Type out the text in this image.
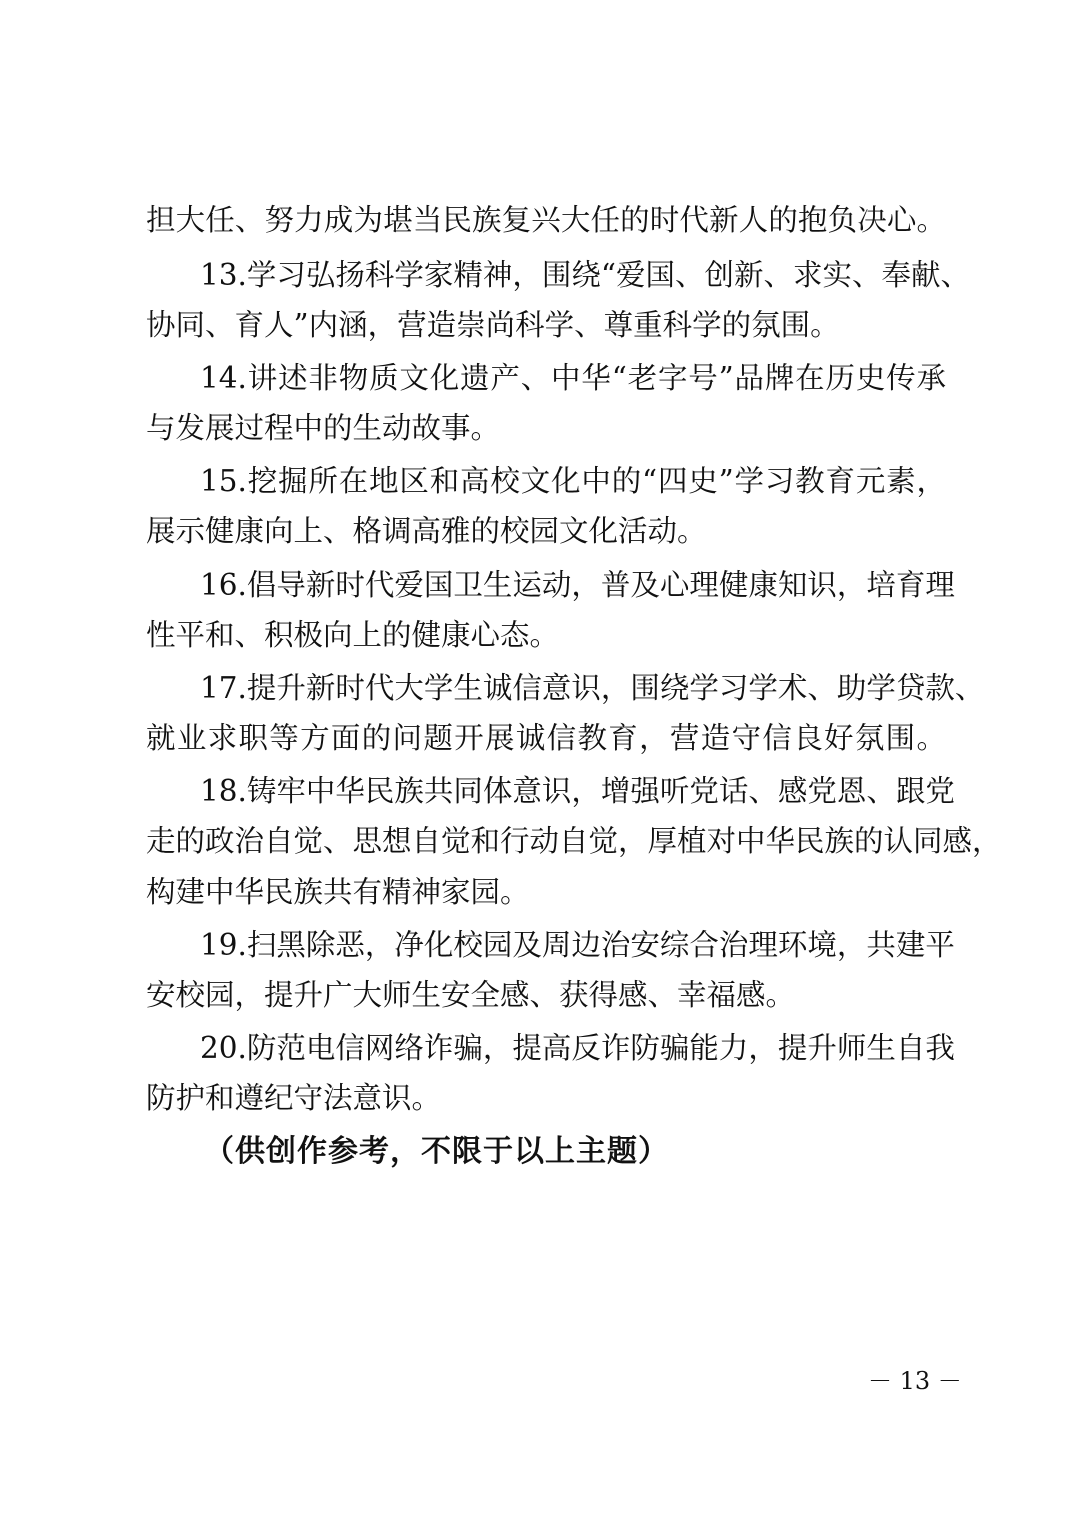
担大任、努力成为堪当民族复兴大任的时代新人的抱负决心。
13.学习弘扬科学家精神，围绕“爱国、创新、求实、奉献、
协同、育人”内涵，营造崇尚科学、尊重科学的氛围。
14.讲述非物质文化遗产、中华“老字号”品牌在历史传承
与发展过程中的生动故事。
15.挖掘所在地区和高校文化中的“四史”学习教育元素，
展示健康向上、格调高雅的校园文化活动。
16.倡导新时代爱国卫生运动，普及心理健康知识，培育理
性平和、积极向上的健康心态。
17.提升新时代大学生诚信意识，围绕学习学术、助学贷款、
就业求职等方面的问题开展诚信教育，营造守信良好氛围。
18.铸牢中华民族共同体意识，增强听党话、感党恩、跟党
走的政治自觉、思想自觉和行动自觉，厚植对中华民族的认同感，
构建中华民族共有精神家园。
19.扫黑除恶，净化校园及周边治安综合治理环境，共建平
安校园，提升广大师生安全感、获得感、幸福感。
20.防范电信网络诈骗，提高反诈防骗能力，提升师生自我
防护和遵纪守法意识。
（供创作参考，不限于以上主题）
－ 13 －
